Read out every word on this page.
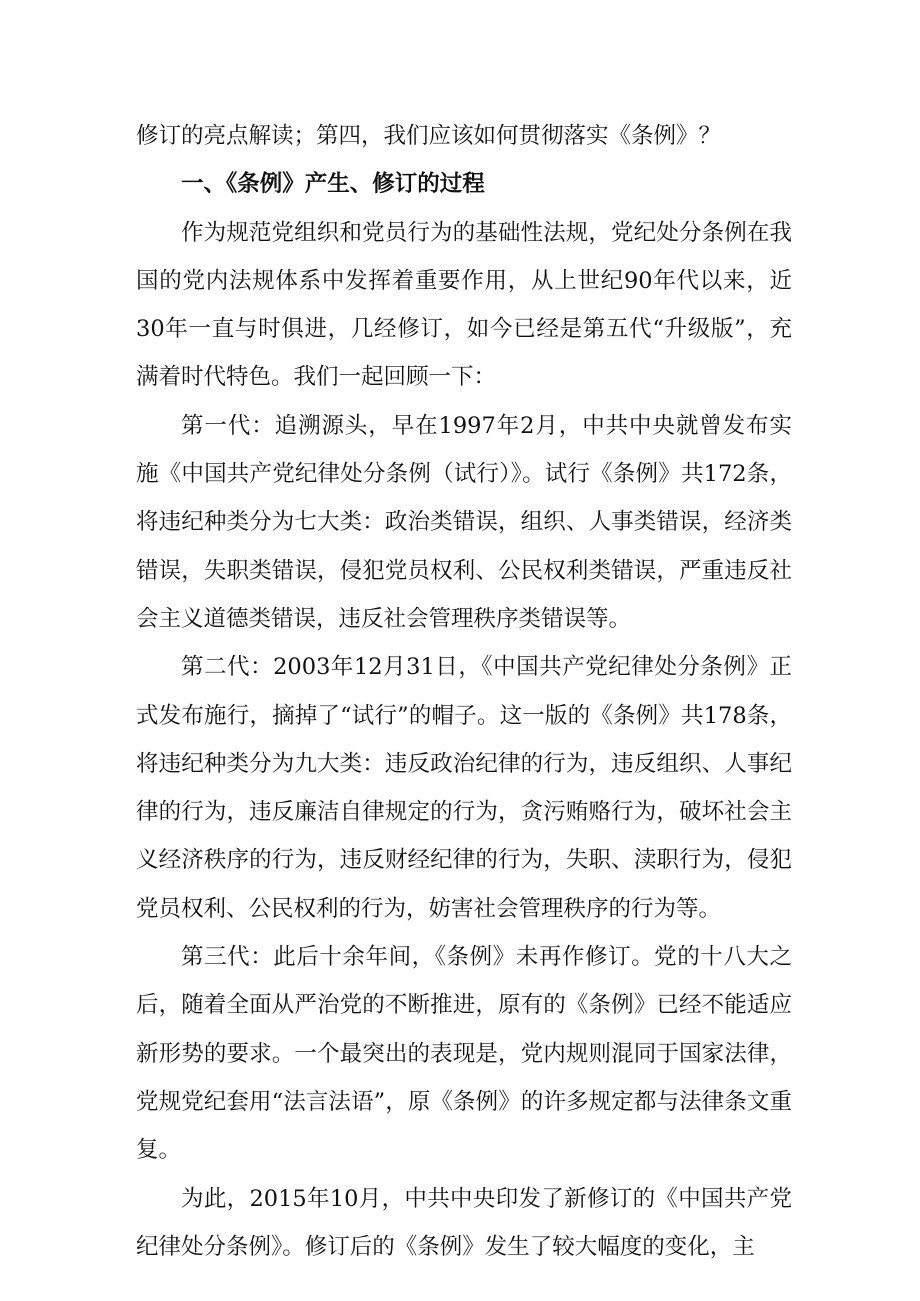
修订的亮点解读；第四，我们应该如何贯彻落实《条例》？

一、《条例》产生、修订的过程

作为规范党组织和党员行为的基础性法规，党纪处分条例在我国的党内法规体系中发挥着重要作用，从上世纪90年代以来，近30年一直与时俱进，几经修订，如今已经是第五代“升级版”，充满着时代特色。我们一起回顾一下：

第一代：追溯源头，早在1997年2月，中共中央就曾发布实施《中国共产党纪律处分条例（试行）》。试行《条例》共172条，将违纪种类分为七大类：政治类错误，组织、人事类错误，经济类错误，失职类错误，侵犯党员权利、公民权利类错误，严重违反社会主义道德类错误，违反社会管理秩序类错误等。

第二代：2003年12月31日，《中国共产党纪律处分条例》正式发布施行，摘掉了“试行”的帽子。这一版的《条例》共178条，将违纪种类分为九大类：违反政治纪律的行为，违反组织、人事纪律的行为，违反廉洁自律规定的行为，贪污贿赂行为，破坏社会主义经济秩序的行为，违反财经纪律的行为，失职、渎职行为，侵犯党员权利、公民权利的行为，妨害社会管理秩序的行为等。

第三代：此后十余年间，《条例》未再作修订。党的十八大之后，随着全面从严治党的不断推进，原有的《条例》已经不能适应新形势的要求。一个最突出的表现是，党内规则混同于国家法律，党规党纪套用“法言法语”，原《条例》的许多规定都与法律条文重复。

为此，2015年10月，中共中央印发了新修订的《中国共产党纪律处分条例》。修订后的《条例》发生了较大幅度的变化，主
